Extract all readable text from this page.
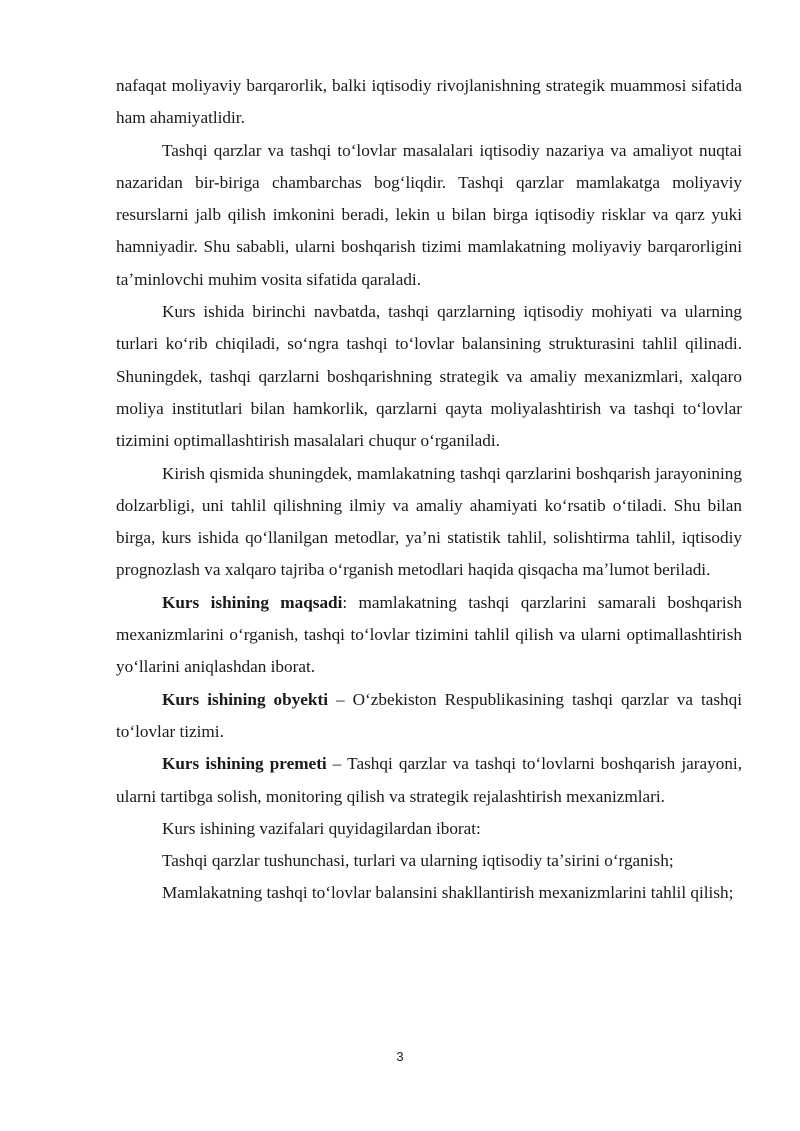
nafaqat moliyaviy barqarorlik, balki iqtisodiy rivojlanishning strategik muammosi sifatida ham ahamiyatlidir.

Tashqi qarzlar va tashqi toʻlovlar masalalari iqtisodiy nazariya va amaliyot nuqtai nazaridan bir-biriga chambarchas bogʻliqdir. Tashqi qarzlar mamlakatga moliyaviy resurslarni jalb qilish imkonini beradi, lekin u bilan birga iqtisodiy risklar va qarz yuki hamniyadir. Shu sababli, ularni boshqarish tizimi mamlakatning moliyaviy barqarorligini taʼminlovchi muhim vosita sifatida qaraladi.

Kurs ishida birinchi navbatda, tashqi qarzlarning iqtisodiy mohiyati va ularning turlari koʻrib chiqiladi, soʻngra tashqi toʻlovlar balansining strukturasini tahlil qilinadi. Shuningdek, tashqi qarzlarni boshqarishning strategik va amaliy mexanizmlari, xalqaro moliya institutlari bilan hamkorlik, qarzlarni qayta moliyalashtirish va tashqi toʻlovlar tizimini optimallashtirish masalalari chuqur oʻrganiladi.

Kirish qismida shuningdek, mamlakatning tashqi qarzlarini boshqarish jarayonining dolzarbligi, uni tahlil qilishning ilmiy va amaliy ahamiyati koʻrsatib oʻtiladi. Shu bilan birga, kurs ishida qoʻllanilgan metodlar, yaʼni statistik tahlil, solishtirma tahlil, iqtisodiy prognozlash va xalqaro tajriba oʻrganish metodlari haqida qisqacha maʼlumot beriladi.

Kurs ishining maqsadi: mamlakatning tashqi qarzlarini samarali boshqarish mexanizmlarini oʻrganish, tashqi toʻlovlar tizimini tahlil qilish va ularni optimallashtirish yoʻllarini aniqlashdan iborat.

Kurs ishining obyekti – Oʻzbekiston Respublikasining tashqi qarzlar va tashqi toʻlovlar tizimi.

Kurs ishining premeti – Tashqi qarzlar va tashqi toʻlovlarni boshqarish jarayoni, ularni tartibga solish, monitoring qilish va strategik rejalashtirish mexanizmlari.

Kurs ishining vazifalari quyidagilardan iborat:

Tashqi qarzlar tushunchasi, turlari va ularning iqtisodiy taʼsirini oʻrganish;

Mamlakatning tashqi toʻlovlar balansini shakllantirish mexanizmlarini tahlil qilish;

3
